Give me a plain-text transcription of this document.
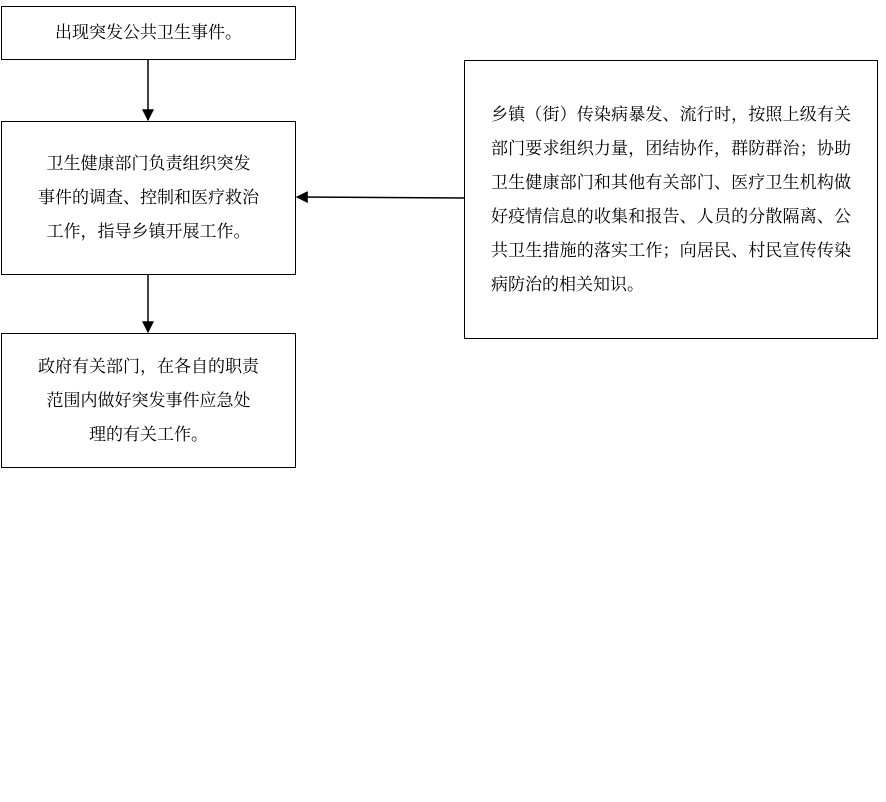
出现突发公共卫生事件。
卫生健康部门负责组织突发
事件的调查、控制和医疗救治
工作，指导乡镇开展工作。
政府有关部门，在各自的职责
范围内做好突发事件应急处
理的有关工作。
乡镇（街）传染病暴发、流行时，按照上级有关部门要求组织力量，团结协作，群防群治；协助卫生健康部门和其他有关部门、医疗卫生机构做好疫情信息的收集和报告、人员的分散隔离、公共卫生措施的落实工作；向居民、村民宣传传染病防治的相关知识。
